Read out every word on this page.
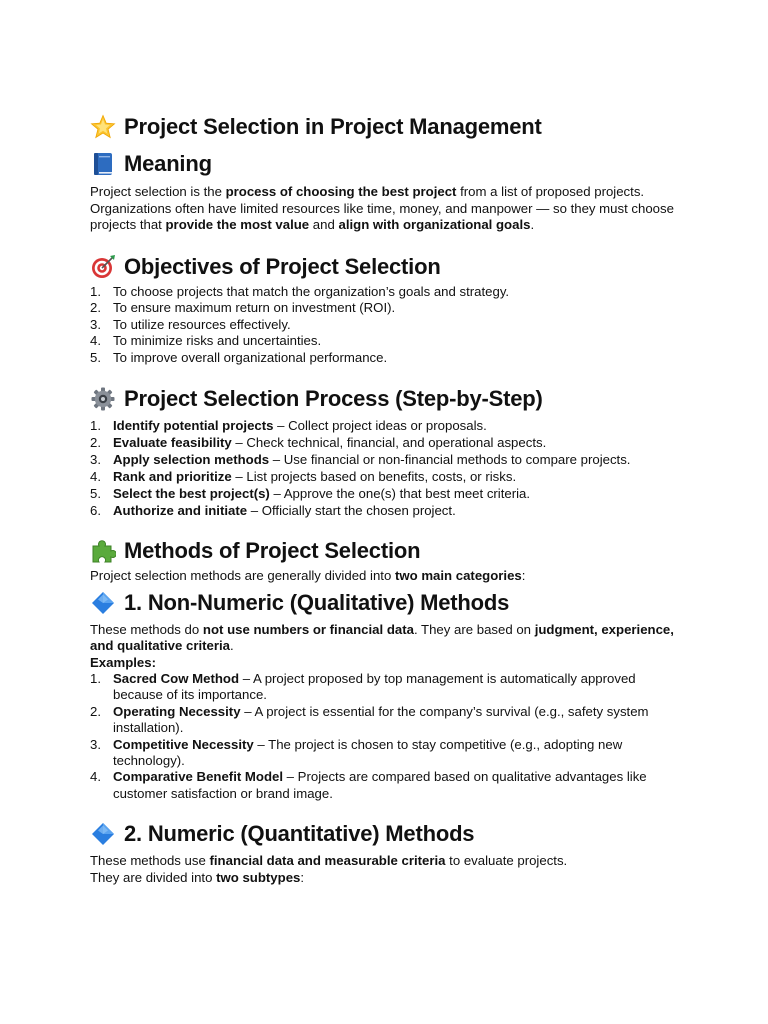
Project Selection in Project Management
Meaning

Project selection is the process of choosing the best project from a list of proposed projects. Organizations often have limited resources like time, money, and manpower — so they must choose projects that provide the most value and align with organizational goals.

Objectives of Project Selection
1. To choose projects that match the organization’s goals and strategy.
2. To ensure maximum return on investment (ROI).
3. To utilize resources effectively.
4. To minimize risks and uncertainties.
5. To improve overall organizational performance.
Project Selection Process (Step-by-Step)
1. Identify potential projects – Collect project ideas or proposals.
2. Evaluate feasibility – Check technical, financial, and operational aspects.
3. Apply selection methods – Use financial or non-financial methods to compare projects.
4. Rank and prioritize – List projects based on benefits, costs, or risks.
5. Select the best project(s) – Approve the one(s) that best meet criteria.
6. Authorize and initiate – Officially start the chosen project.
Methods of Project Selection

Project selection methods are generally divided into two main categories:

1. Non-Numeric (Qualitative) Methods

These methods do not use numbers or financial data. They are based on judgment, experience, and qualitative criteria.

Examples:

1. Sacred Cow Method – A project proposed by top management is automatically approved because of its importance.
2. Operating Necessity – A project is essential for the company’s survival (e.g., safety system installation).
3. Competitive Necessity – The project is chosen to stay competitive (e.g., adopting new technology).
4. Comparative Benefit Model – Projects are compared based on qualitative advantages like customer satisfaction or brand image.
2. Numeric (Quantitative) Methods

These methods use financial data and measurable criteria to evaluate projects.
They are divided into two subtypes:
